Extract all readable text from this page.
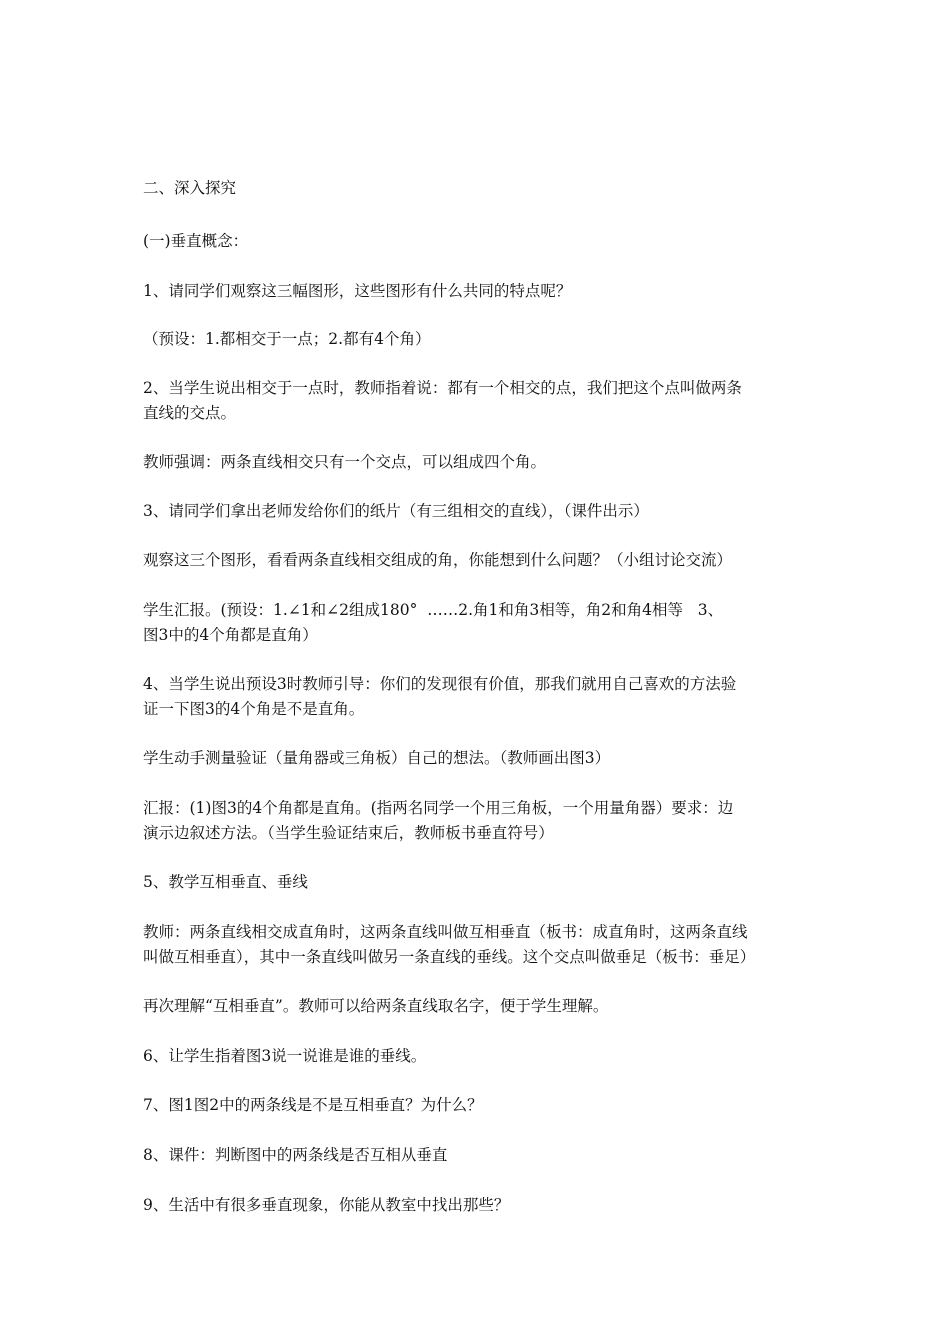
二、深入探究

(一)垂直概念：

1、请同学们观察这三幅图形，这些图形有什么共同的特点呢？

（预设：1.都相交于一点；2.都有4个角）

2、当学生说出相交于一点时，教师指着说：都有一个相交的点，我们把这个点叫做两条

直线的交点。

教师强调：两条直线相交只有一个交点，可以组成四个角。

3、请同学们拿出老师发给你们的纸片（有三组相交的直线），（课件出示）

观察这三个图形，看看两条直线相交组成的角，你能想到什么问题？（小组讨论交流）

学生汇报。(预设：1.∠1和∠2组成180°  ……2.角1和角3相等，角2和角4相等   3、

图3中的4个角都是直角）

4、当学生说出预设3时教师引导：你们的发现很有价值，那我们就用自己喜欢的方法验

证一下图3的4个角是不是直角。

学生动手测量验证（量角器或三角板）自己的想法。（教师画出图3）

汇报：(1)图3的4个角都是直角。(指两名同学一个用三角板，一个用量角器）要求：边

演示边叙述方法。（当学生验证结束后，教师板书垂直符号）

5、教学互相垂直、垂线

教师：两条直线相交成直角时，这两条直线叫做互相垂直（板书：成直角时，这两条直线

叫做互相垂直），其中一条直线叫做另一条直线的垂线。这个交点叫做垂足（板书：垂足）

再次理解“互相垂直”。教师可以给两条直线取名字，便于学生理解。

6、让学生指着图3说一说谁是谁的垂线。

7、图1图2中的两条线是不是互相垂直？为什么？

8、课件：判断图中的两条线是否互相从垂直

9、生活中有很多垂直现象，你能从教室中找出那些？
